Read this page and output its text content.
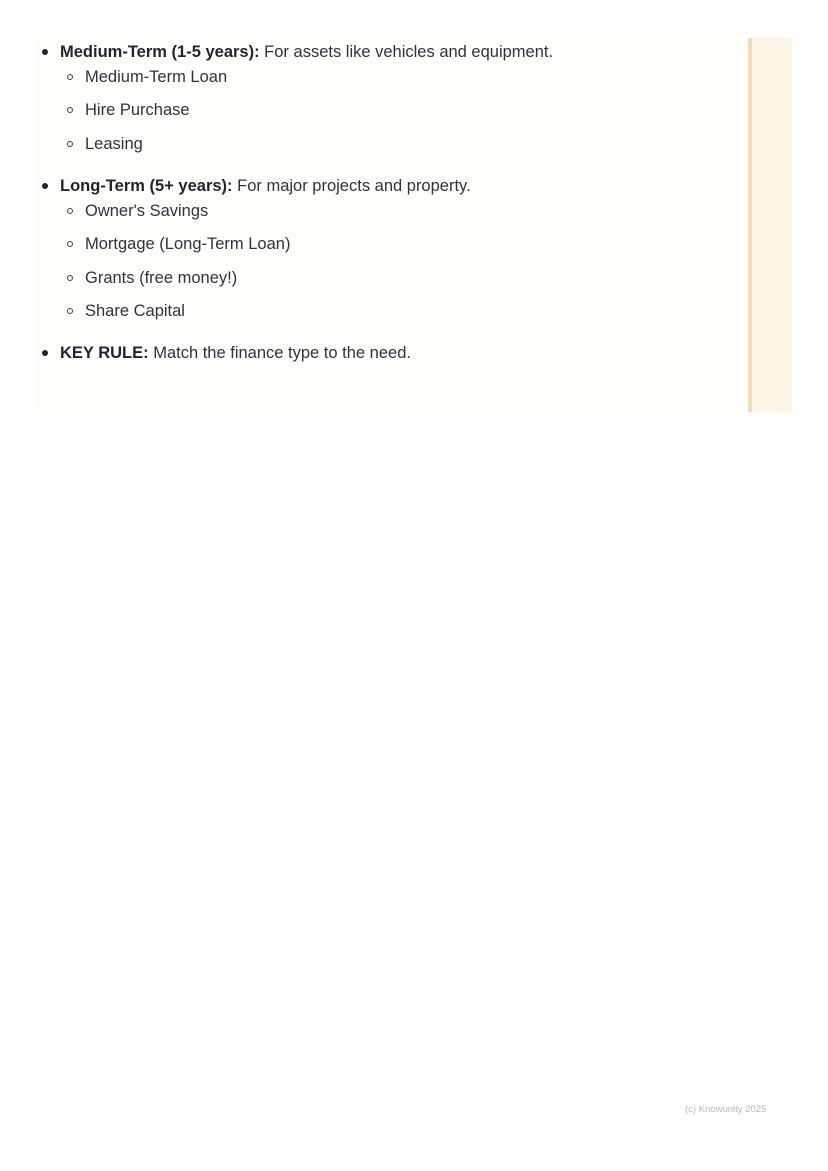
Medium-Term (1-5 years): For assets like vehicles and equipment.
Medium-Term Loan
Hire Purchase
Leasing
Long-Term (5+ years): For major projects and property.
Owner's Savings
Mortgage (Long-Term Loan)
Grants (free money!)
Share Capital
KEY RULE: Match the finance type to the need.
(c) Knowunity 2025
